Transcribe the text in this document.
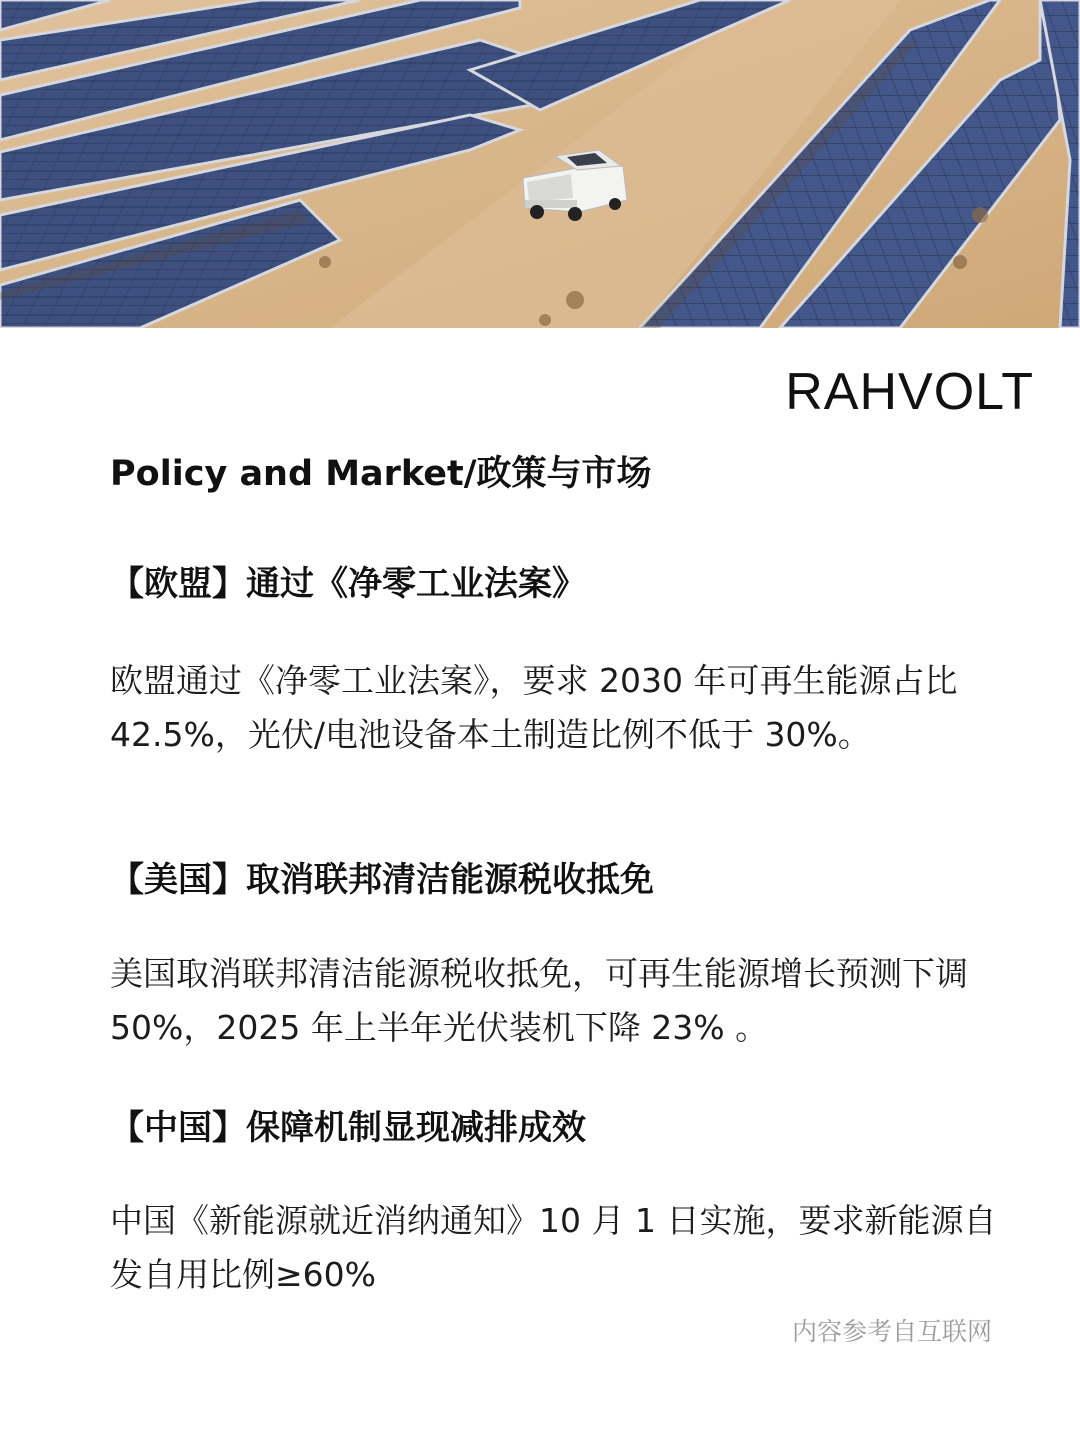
RAHVOLT
Policy and Market/政策与市场
【欧盟】通过《净零工业法案》
欧盟通过《净零工业法案》，要求 2030 年可再生能源占比 42.5%，光伏/电池设备本土制造比例不低于 30%。
【美国】取消联邦清洁能源税收抵免
美国取消联邦清洁能源税收抵免，可再生能源增长预测下调 50%，2025 年上半年光伏装机下降 23% 。
【中国】保障机制显现减排成效
中国《新能源就近消纳通知》10 月 1 日实施，要求新能源自发自用比例≥60%
内容参考自互联网
